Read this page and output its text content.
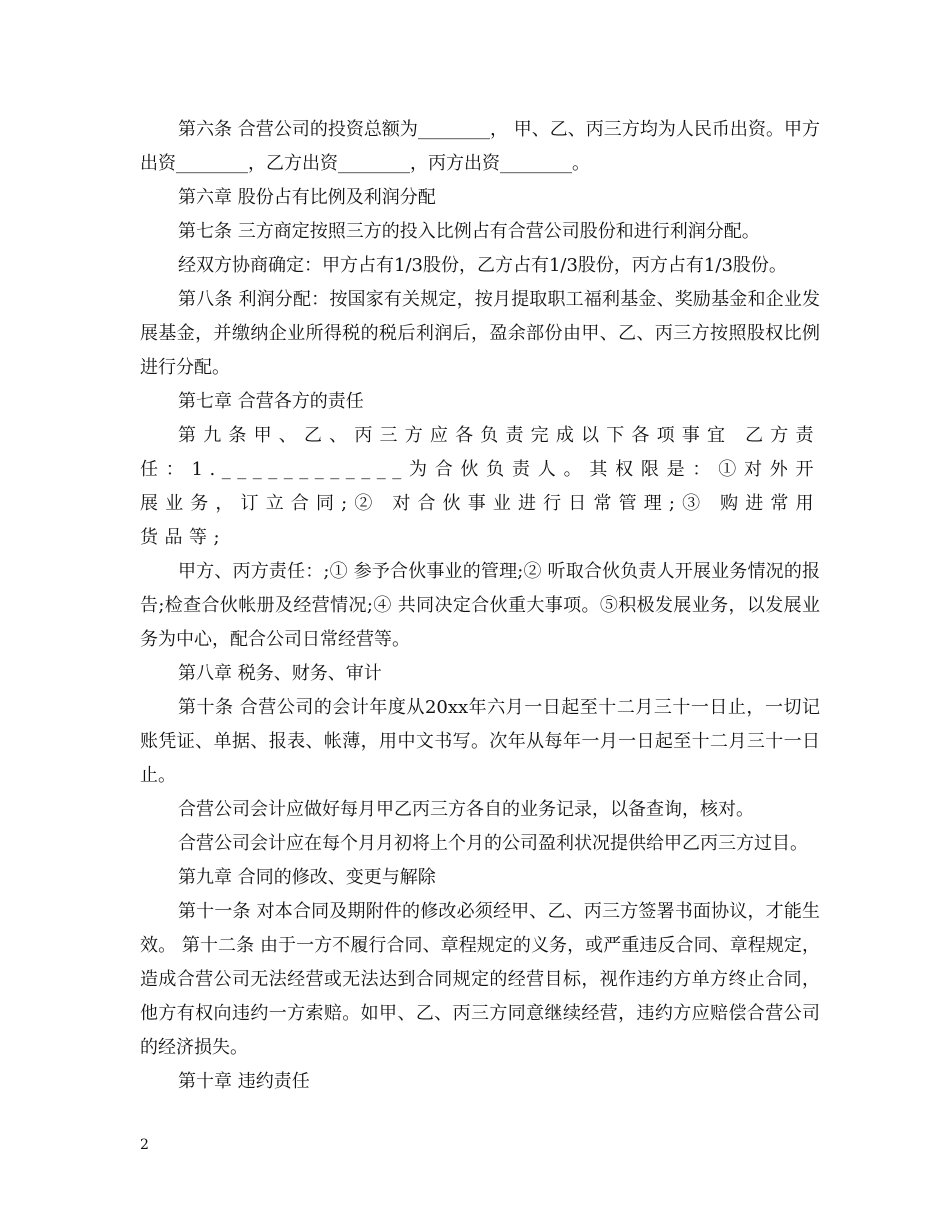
第六条 合营公司的投资总额为________， 甲、乙、丙三方均为人民币出资。甲方出资________，乙方出资________，丙方出资________。

第六章 股份占有比例及利润分配

第七条 三方商定按照三方的投入比例占有合营公司股份和进行利润分配。

经双方协商确定：甲方占有1/3股份，乙方占有1/3股份，丙方占有1/3股份。

第八条 利润分配：按国家有关规定，按月提取职工福利基金、奖励基金和企业发展基金，并缴纳企业所得税的税后利润后，盈余部份由甲、乙、丙三方按照股权比例进行分配。

第七章 合营各方的责任

第九条甲、乙、丙三方应各负责完成以下各项事宜 乙方责任：1.____________为合伙负责人。其权限是：①对外开展业务，订立合同;② 对合伙事业进行日常管理;③ 购进常用货品等;

甲方、丙方责任：;① 参予合伙事业的管理;② 听取合伙负责人开展业务情况的报告;检查合伙帐册及经营情况;④ 共同决定合伙重大事项。⑤积极发展业务，以发展业务为中心，配合公司日常经营等。

第八章 税务、财务、审计

第十条 合营公司的会计年度从20xx年六月一日起至十二月三十一日止，一切记账凭证、单据、报表、帐薄，用中文书写。次年从每年一月一日起至十二月三十一日止。

合营公司会计应做好每月甲乙丙三方各自的业务记录，以备查询，核对。

合营公司会计应在每个月月初将上个月的公司盈利状况提供给甲乙丙三方过目。

第九章 合同的修改、变更与解除

第十一条 对本合同及期附件的修改必须经甲、乙、丙三方签署书面协议，才能生效。 第十二条 由于一方不履行合同、章程规定的义务，或严重违反合同、章程规定，造成合营公司无法经营或无法达到合同规定的经营目标，视作违约方单方终止合同，他方有权向违约一方索赔。如甲、乙、丙三方同意继续经营，违约方应赔偿合营公司的经济损失。

第十章 违约责任

2
